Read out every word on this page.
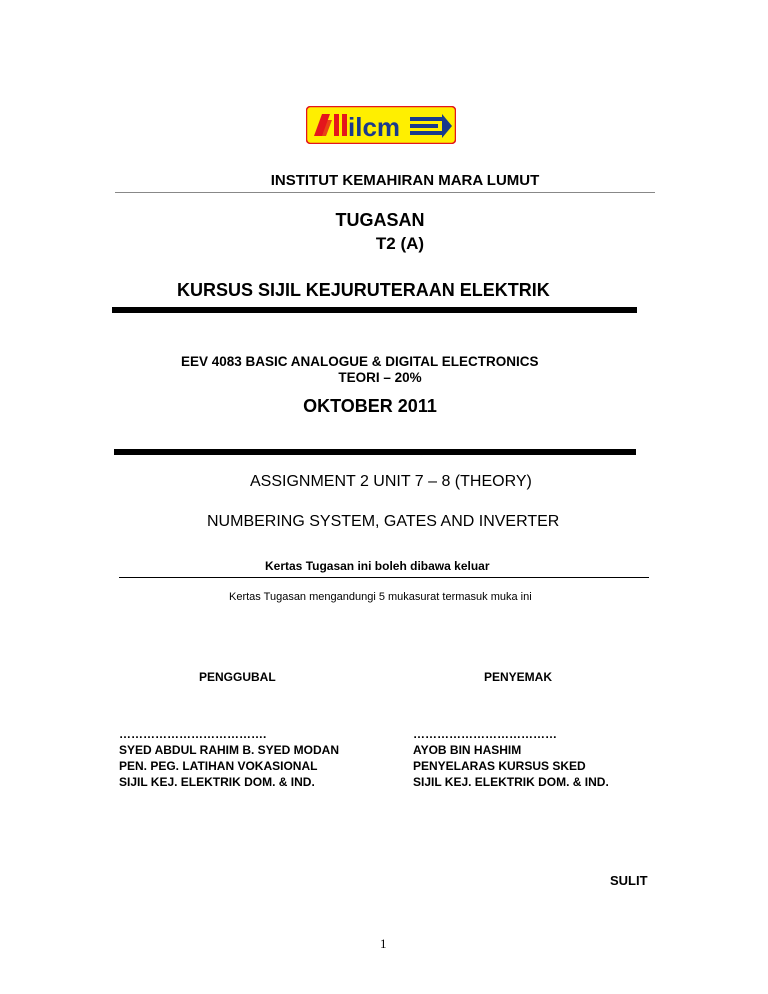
ilcm
INSTITUT KEMAHIRAN MARA LUMUT
TUGASAN
T2 (A)
KURSUS SIJIL KEJURUTERAAN ELEKTRIK
EEV 4083 BASIC ANALOGUE & DIGITAL ELECTRONICS
TEORI – 20%
OKTOBER 2011
ASSIGNMENT 2 UNIT 7 – 8 (THEORY)
NUMBERING SYSTEM, GATES AND INVERTER
Kertas Tugasan ini boleh dibawa keluar
Kertas Tugasan mengandungi 5 mukasurat termasuk muka ini
PENGGUBAL	PENYEMAK
……………………………….
SYED ABDUL RAHIM B. SYED MODAN
PEN. PEG. LATIHAN VOKASIONAL
SIJIL KEJ. ELEKTRIK DOM. & IND.
………………………………
AYOB BIN HASHIM
PENYELARAS KURSUS SKED
SIJIL KEJ. ELEKTRIK DOM. & IND.
SULIT
1
